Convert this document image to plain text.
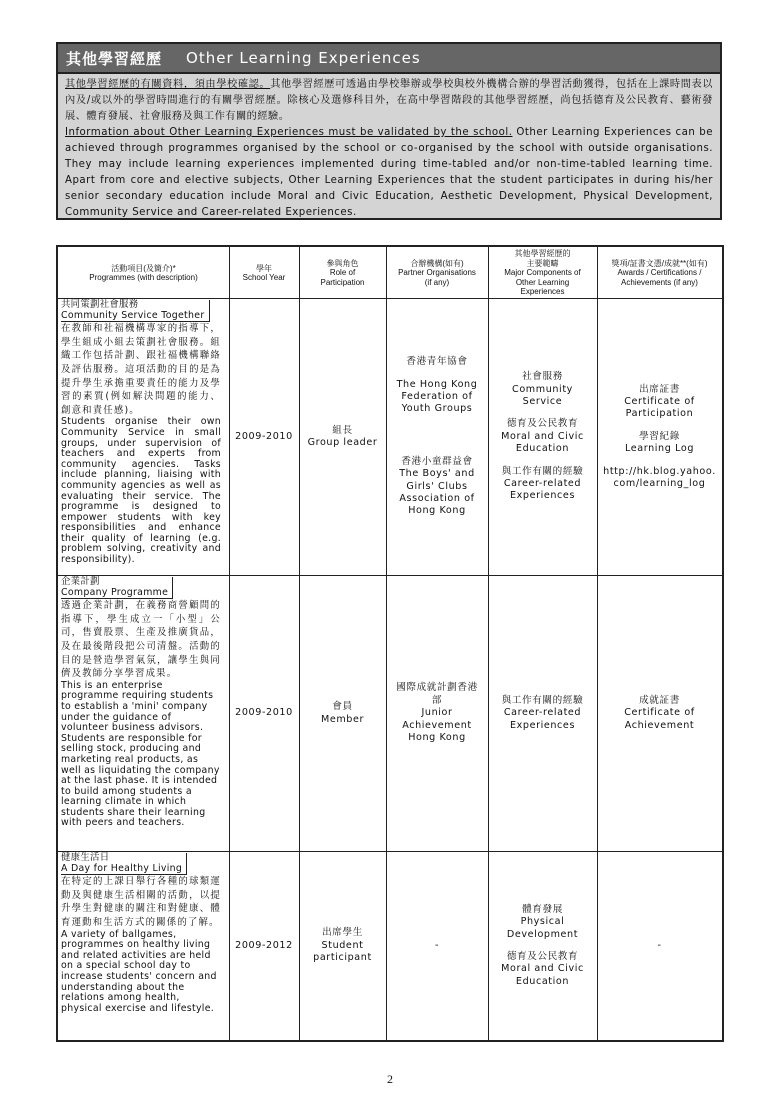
其他學習經歷 Other Learning Experiences

其他學習經歷的有關資料，須由學校確認。其他學習經歷可透過由學校舉辦或學校與校外機構合辦的學習活動獲得，包括在上課時間表以內及/或以外的學習時間進行的有關學習經歷。除核心及選修科目外，在高中學習階段的其他學習經歷，尚包括德育及公民教育、藝術發展、體育發展、社會服務及與工作有關的經驗。

Information about Other Learning Experiences must be validated by the school. Other Learning Experiences can be achieved through programmes organised by the school or co-organised by the school with outside organisations. They may include learning experiences implemented during time-tabled and/or non-time-tabled learning time. Apart from core and elective subjects, Other Learning Experiences that the student participates in during his/her senior secondary education include Moral and Civic Education, Aesthetic Development, Physical Development, Community Service and Career-related Experiences.

活動項目(及簡介)*
Programmes (with description)
學年
School Year
參與角色
Role of Participation
合辦機構(如有)
Partner Organisations (if any)
其他學習經歷的主要範疇
Major Components of Other Learning Experiences
獎項/証書文憑/成就**(如有)
Awards / Certifications / Achievements (if any)
共同策劃社會服務
Community Service Together
在教師和社福機構專家的指導下，學生組成小組去策劃社會服務。組織工作包括計劃、跟社福機構聯絡及評估服務。這項活動的目的是為提升學生承擔重要責任的能力及學習的素質(例如解決問題的能力、創意和責任感)。
Students organise their own Community Service in small groups, under supervision of teachers and experts from community agencies. Tasks include planning, liaising with community agencies as well as evaluating their service. The programme is designed to empower students with key responsibilities and enhance their quality of learning (e.g. problem solving, creativity and responsibility).
2009-2010
組長
Group leader
香港青年協會
The Hong Kong Federation of Youth Groups
香港小童群益會
The Boys' and Girls' Clubs Association of Hong Kong
社會服務
Community Service
德育及公民教育
Moral and Civic Education
與工作有關的經驗
Career-related Experiences
出席証書
Certificate of Participation
學習紀錄
Learning Log
http://hk.blog.yahoo.com/learning_log
企業計劃
Company Programme
透過企業計劃，在義務商營顧問的指導下，學生成立一「小型」公司，售賣股票、生產及推廣貨品，及在最後階段把公司清盤。活動的目的是營造學習氣氛，讓學生與同儕及教師分享學習成果。
This is an enterprise programme requiring students to establish a 'mini' company under the guidance of volunteer business advisors. Students are responsible for selling stock, producing and marketing real products, as well as liquidating the company at the last phase. It is intended to build among students a learning climate in which students share their learning with peers and teachers.
2009-2010
會員
Member
國際成就計劃香港部
Junior Achievement Hong Kong
與工作有關的經驗
Career-related Experiences
成就証書
Certificate of Achievement
健康生活日
A Day for Healthy Living
在特定的上課日舉行各種的球類運動及與健康生活相關的活動，以提升學生對健康的關注和對健康、體育運動和生活方式的關係的了解。
A variety of ballgames, programmes on healthy living and related activities are held on a special school day to increase students' concern and understanding about the relations among health, physical exercise and lifestyle.
2009-2012
出席學生
Student participant
-
體育發展
Physical Development
德育及公民教育
Moral and Civic Education
-
2
